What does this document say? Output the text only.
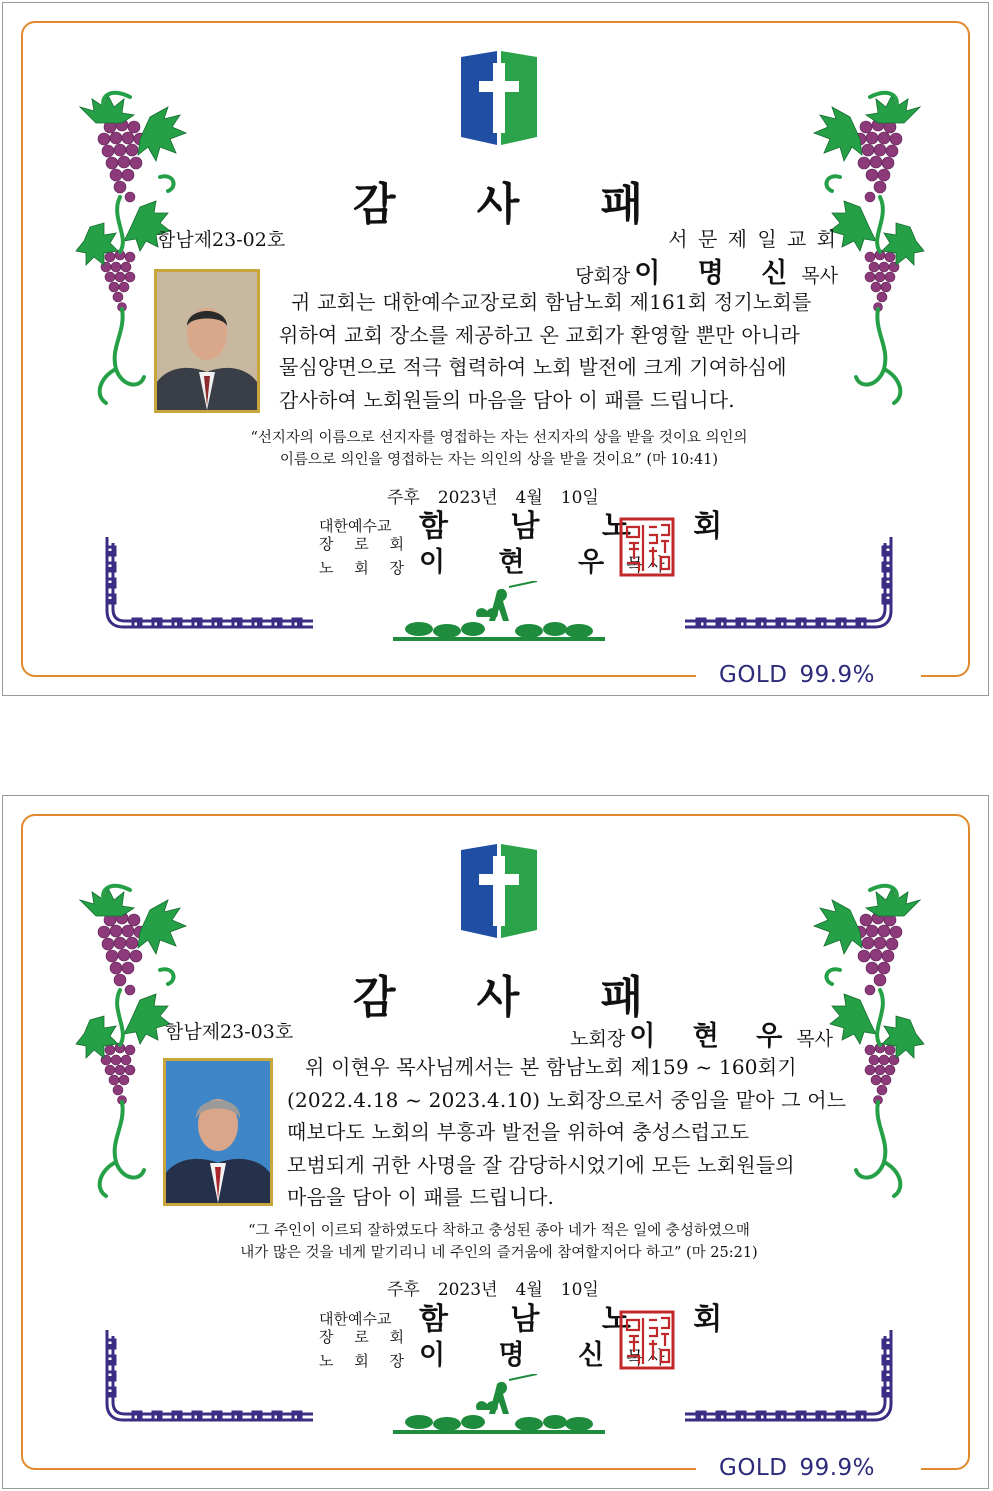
GOLD 99.9%
감 사 패
함남제23-02호	서 문 제 일 교 회
당회장 이 명 신목사
귀 교회는 대한예수교장로회 함남노회 제161회 정기노회를
위하여 교회 장소를 제공하고 온 교회가 환영할 뿐만 아니라
물심양면으로 적극 협력하여 노회 발전에 크게 기여하심에
감사하여 노회원들의 마음을 담아 이 패를 드립니다.
“선지자의 이름으로 선지자를 영접하는 자는 선지자의 상을 받을 것이요 의인의
이름으로 의인을 영접하는 자는 의인의 상을 받을 것이요” (마 10:41)
주후 2023년 4월 10일
대한예수교
장 로 회
노 회 장
함 남 노 회
이 현 우목사
GOLD 99.9%
감 사 패
함남제23-03호	노회장 이 현 우목사
위 이현우 목사님께서는 본 함남노회 제159 ~ 160회기
(2022.4.18 ~ 2023.4.10) 노회장으로서 중임을 맡아 그 어느
때보다도 노회의 부흥과 발전을 위하여 충성스럽고도
모범되게 귀한 사명을 잘 감당하시었기에 모든 노회원들의
마음을 담아 이 패를 드립니다.
“그 주인이 이르되 잘하였도다 착하고 충성된 종아 네가 적은 일에 충성하였으매
내가 많은 것을 네게 맡기리니 네 주인의 즐거움에 참여할지어다 하고” (마 25:21)
주후 2023년 4월 10일
대한예수교
장 로 회
노 회 장
함 남 노 회
이 명 신목사
